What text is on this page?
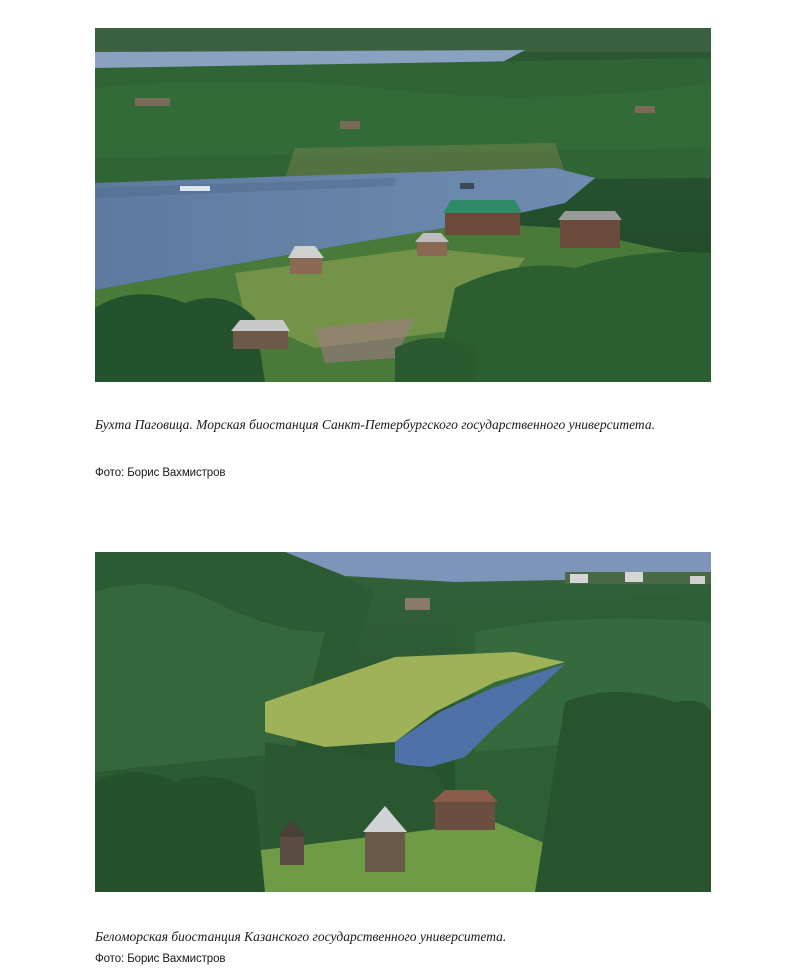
Бухта Паговица. Морская биостанция Санкт-Петербургского государственного университета.

Фото: Борис Вахмистров

Беломорская биостанция Казанского государственного университета.

Фото: Борис Вахмистров
